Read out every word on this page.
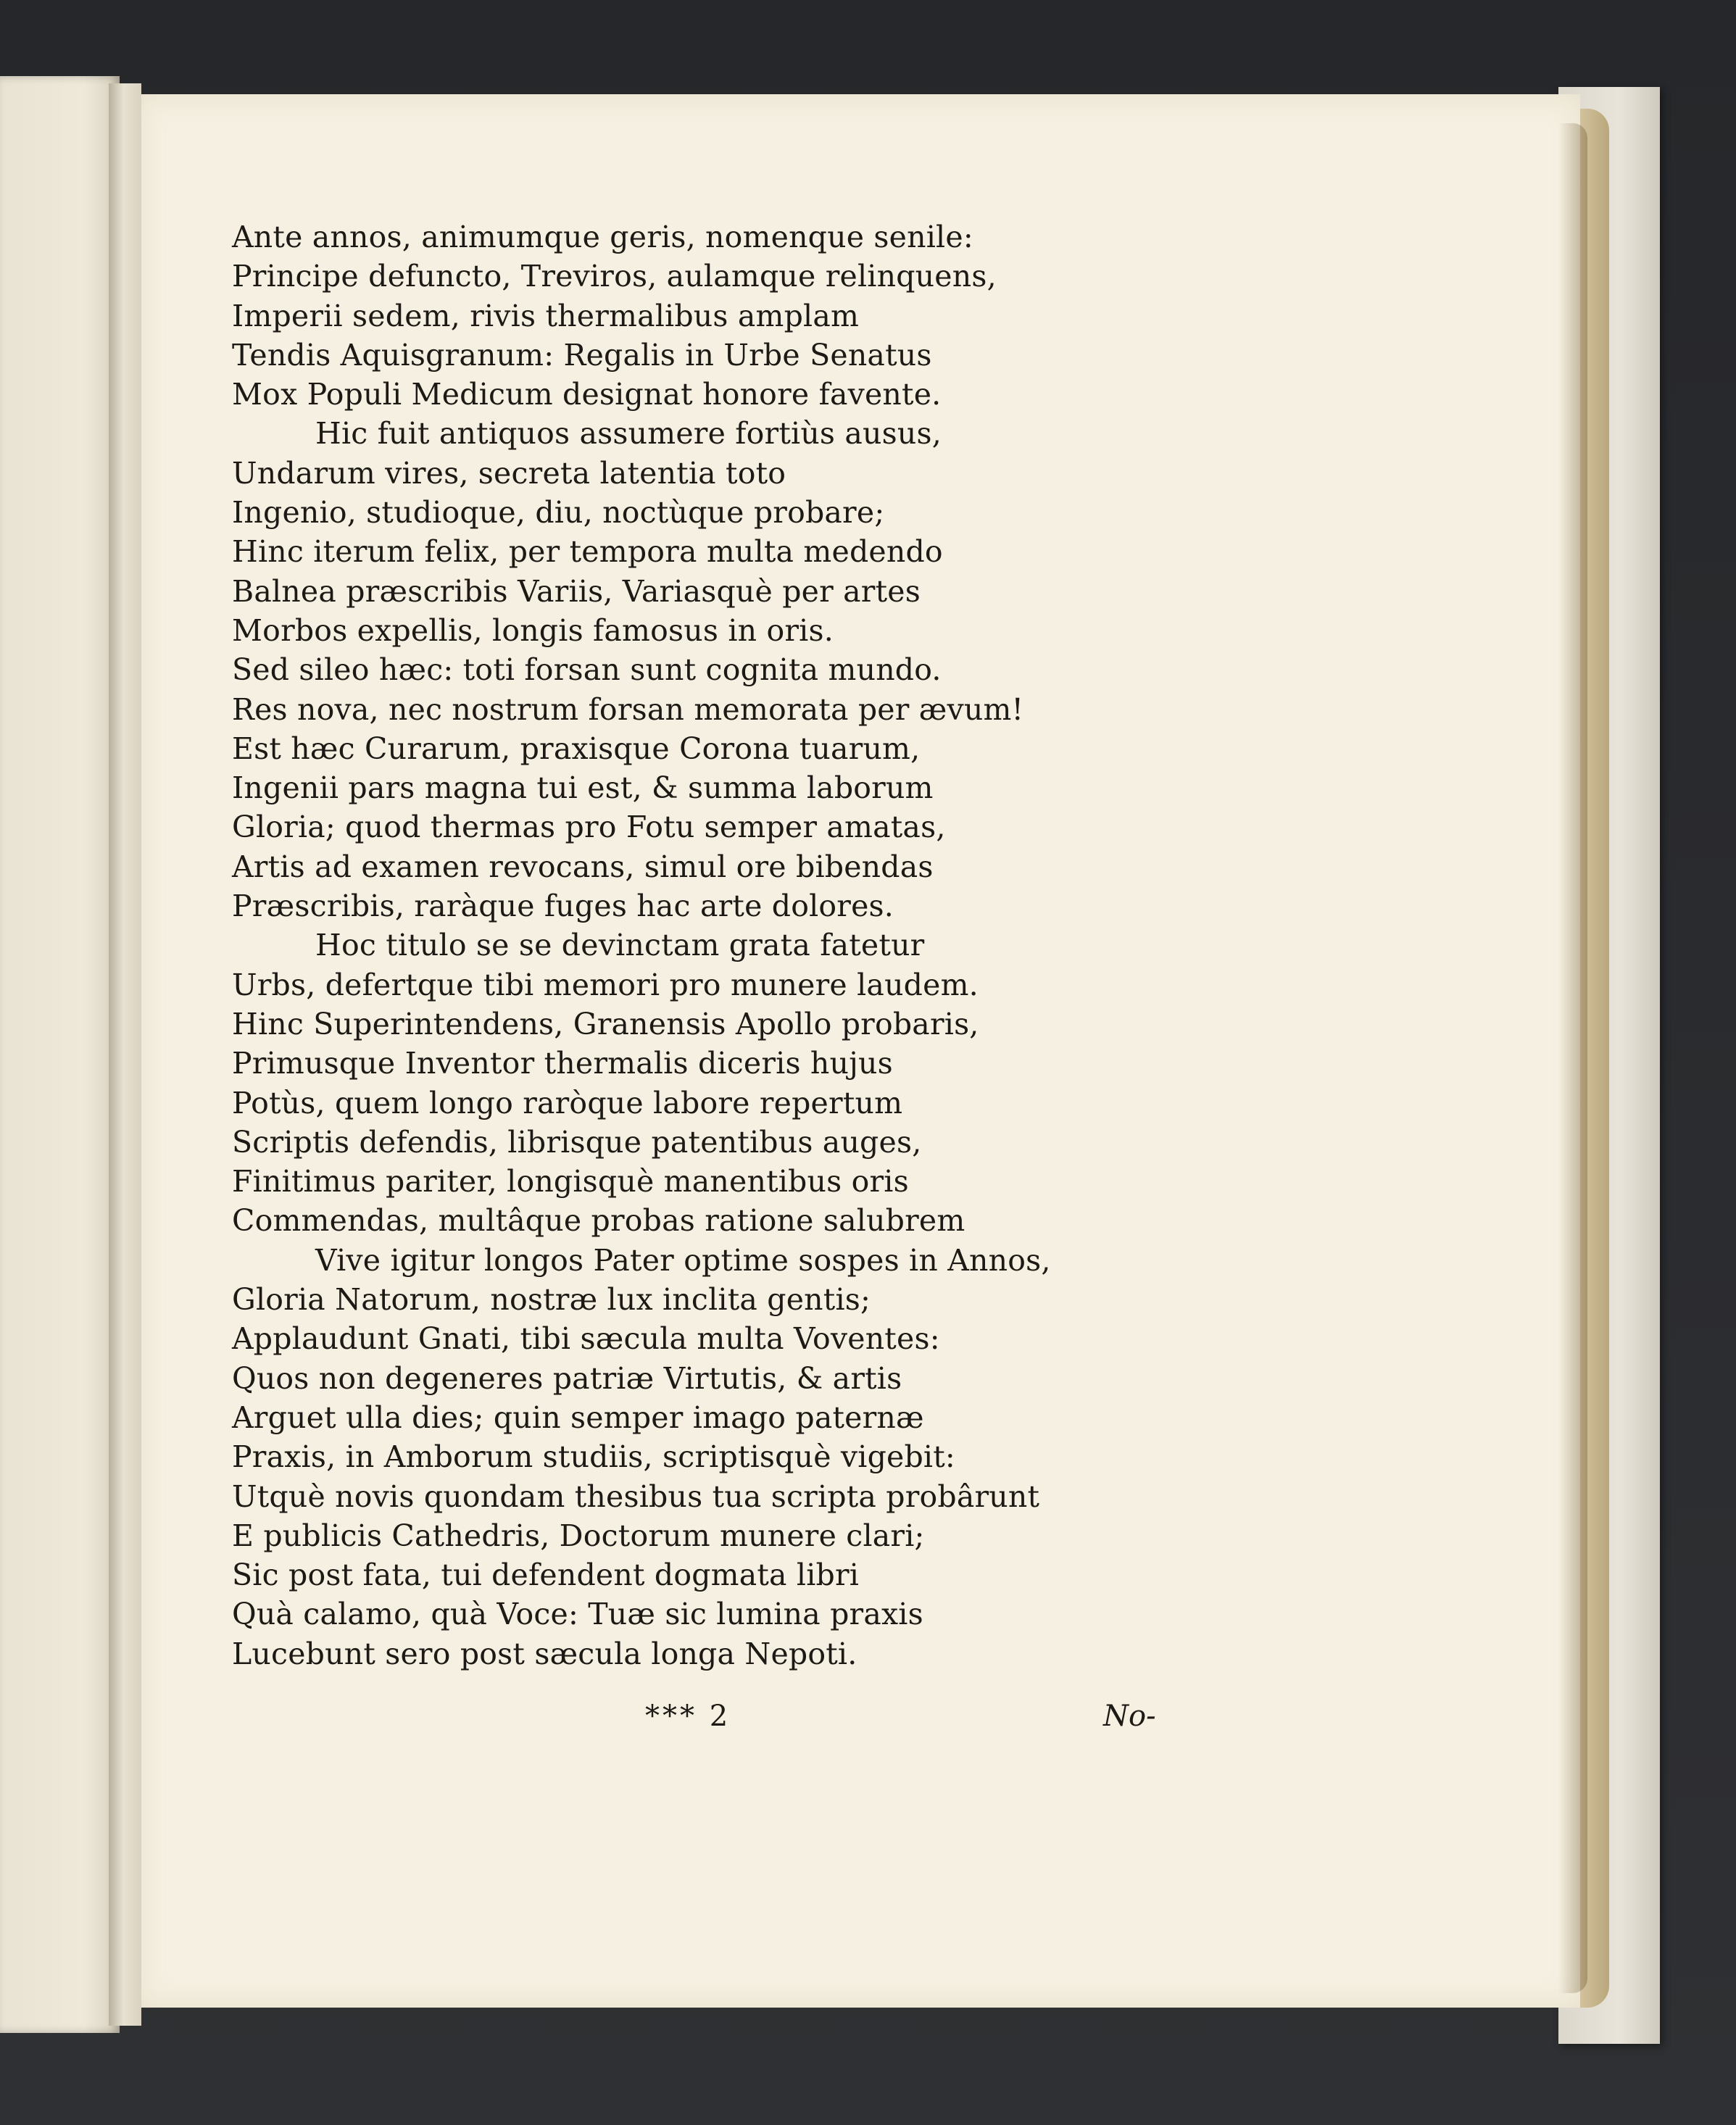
Ante annos, animumque geris, nomenque senile:
Principe defuncto, Treviros, aulamque relinquens,
Imperii sedem, rivis thermalibus amplam
Tendis Aquisgranum: Regalis in Urbe Senatus
Mox Populi Medicum designat honore favente.
Hic fuit antiquos assumere fortiùs ausus,
Undarum vires, secreta latentia toto
Ingenio, studioque, diu, noctùque probare;
Hinc iterum felix, per tempora multa medendo
Balnea præscribis Variis, Variasquè per artes
Morbos expellis, longis famosus in oris.
Sed sileo hæc: toti forsan sunt cognita mundo.
Res nova, nec nostrum forsan memorata per ævum!
Est hæc Curarum, praxisque Corona tuarum,
Ingenii pars magna tui est, & summa laborum
Gloria; quod thermas pro Fotu semper amatas,
Artis ad examen revocans, simul ore bibendas
Præscribis, raràque fuges hac arte dolores.
Hoc titulo se se devinctam grata fatetur
Urbs, defertque tibi memori pro munere laudem.
Hinc Superintendens, Granensis Apollo probaris,
Primusque Inventor thermalis diceris hujus
Potùs, quem longo raròque labore repertum
Scriptis defendis, librisque patentibus auges,
Finitimus pariter, longisquè manentibus oris
Commendas, multâque probas ratione salubrem
Vive igitur longos Pater optime sospes in Annos,
Gloria Natorum, nostræ lux inclita gentis;
Applaudunt Gnati, tibi sæcula multa Voventes:
Quos non degeneres patriæ Virtutis, & artis
Arguet ulla dies; quin semper imago paternæ
Praxis, in Amborum studiis, scriptisquè vigebit:
Utquè novis quondam thesibus tua scripta probârunt
E publicis Cathedris, Doctorum munere clari;
Sic post fata, tui defendent dogmata libri
Quà calamo, quà Voce: Tuæ sic lumina praxis
Lucebunt sero post sæcula longa Nepoti.
*** 2	No-
